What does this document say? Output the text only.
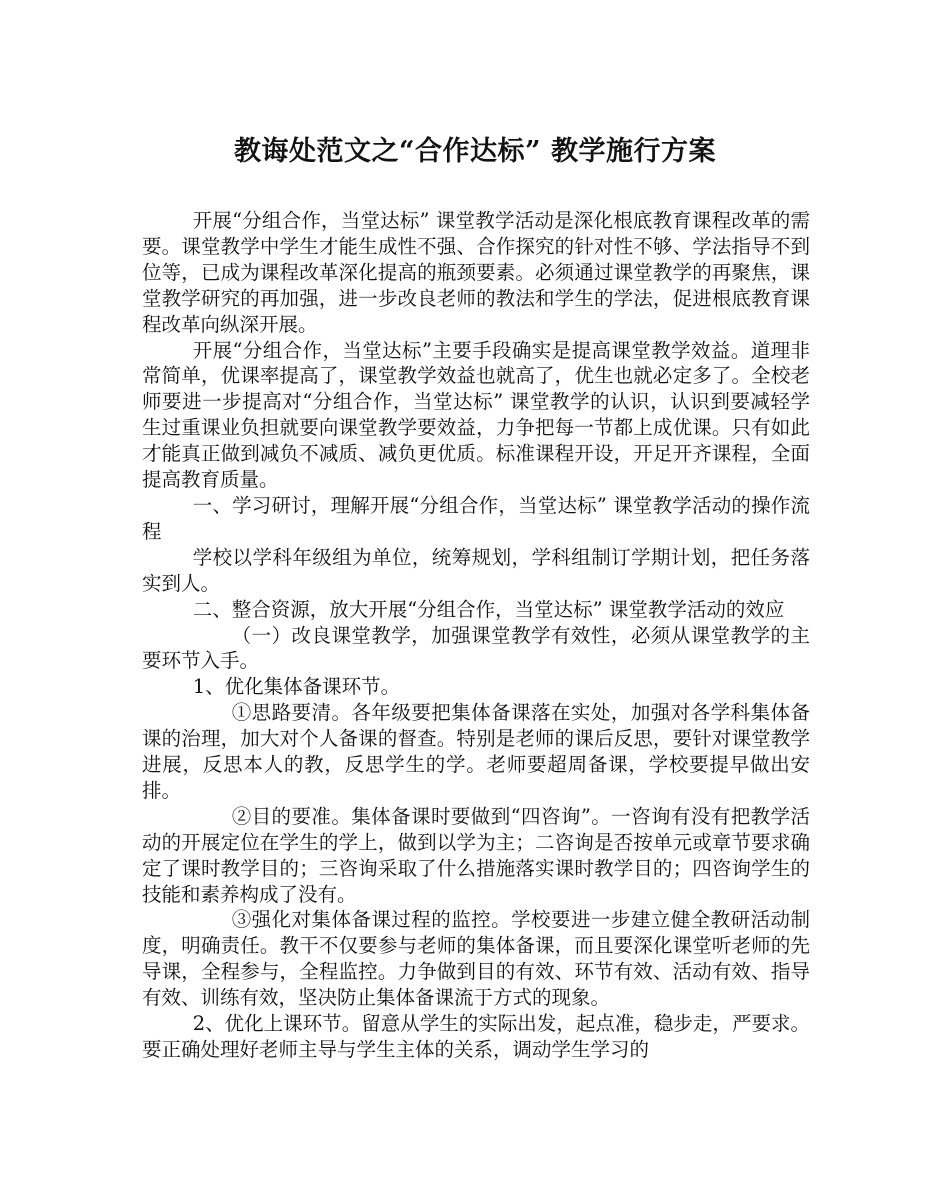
教诲处范文之“合作达标” 教学施行方案

开展“分组合作，当堂达标” 课堂教学活动是深化根底教育课程改革的需要。课堂教学中学生才能生成性不强、合作探究的针对性不够、学法指导不到位等，已成为课程改革深化提高的瓶颈要素。必须通过课堂教学的再聚焦，课堂教学研究的再加强，进一步改良老师的教法和学生的学法，促进根底教育课程改革向纵深开展。

开展“分组合作，当堂达标”主要手段确实是提高课堂教学效益。道理非常简单，优课率提高了，课堂教学效益也就高了，优生也就必定多了。全校老师要进一步提高对“分组合作，当堂达标” 课堂教学的认识，认识到要减轻学生过重课业负担就要向课堂教学要效益，力争把每一节都上成优课。只有如此才能真正做到减负不减质、减负更优质。标准课程开设，开足开齐课程，全面提高教育质量。

一、学习研讨，理解开展“分组合作，当堂达标” 课堂教学活动的操作流程

学校以学科年级组为单位，统筹规划，学科组制订学期计划，把任务落实到人。

二、整合资源，放大开展“分组合作，当堂达标” 课堂教学活动的效应

（一）改良课堂教学，加强课堂教学有效性，必须从课堂教学的主要环节入手。

1、优化集体备课环节。

①思路要清。各年级要把集体备课落在实处，加强对各学科集体备课的治理，加大对个人备课的督查。特别是老师的课后反思，要针对课堂教学进展，反思本人的教，反思学生的学。老师要超周备课，学校要提早做出安排。

②目的要准。集体备课时要做到“四咨询”。一咨询有没有把教学活动的开展定位在学生的学上，做到以学为主；二咨询是否按单元或章节要求确定了课时教学目的；三咨询采取了什么措施落实课时教学目的；四咨询学生的技能和素养构成了没有。

③强化对集体备课过程的监控。学校要进一步建立健全教研活动制度，明确责任。教干不仅要参与老师的集体备课，而且要深化课堂听老师的先导课，全程参与，全程监控。力争做到目的有效、环节有效、活动有效、指导有效、训练有效，坚决防止集体备课流于方式的现象。

2、优化上课环节。留意从学生的实际出发，起点准，稳步走，严要求。要正确处理好老师主导与学生主体的关系，调动学生学习的
